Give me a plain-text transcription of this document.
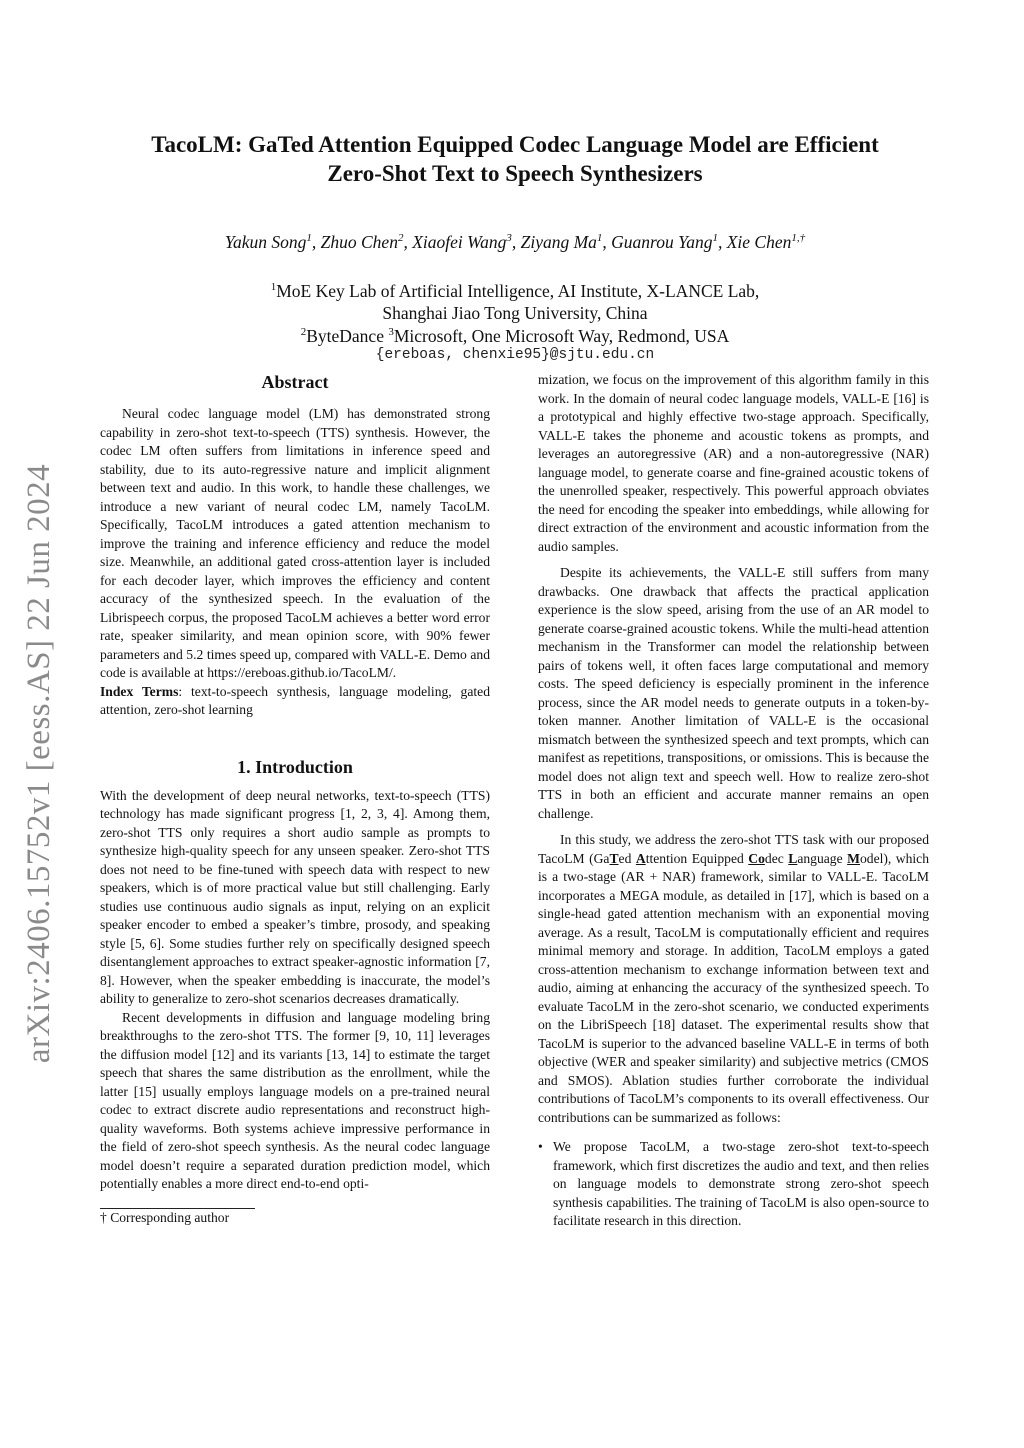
arXiv:2406.15752v1 [eess.AS] 22 Jun 2024
TacoLM: GaTed Attention Equipped Codec Language Model are Efficient
Zero-Shot Text to Speech Synthesizers

Yakun Song$^1$, Zhuo Chen$^2$, Xiaofei Wang$^3$, Ziyang Ma$^1$, Guanrou Yang$^1$, Xie Chen$^{1,\dagger}$

$^1$MoE Key Lab of Artificial Intelligence, AI Institute, X-LANCE Lab,
Shanghai Jiao Tong University, China

$^2$ByteDance $^3$Microsoft, One Microsoft Way, Redmond, USA

{ereboas, chenxie95}@sjtu.edu.cn

Abstract

Neural codec language model (LM) has demonstrated strong capability in zero-shot text-to-speech (TTS) synthesis. However, the codec LM often suffers from limitations in inference speed and stability, due to its auto-regressive nature and implicit alignment between text and audio. In this work, to handle these challenges, we introduce a new variant of neural codec LM, namely TacoLM. Specifically, TacoLM introduces a gated attention mechanism to improve the training and inference efficiency and reduce the model size. Meanwhile, an additional gated cross-attention layer is included for each decoder layer, which improves the efficiency and content accuracy of the synthesized speech. In the evaluation of the Librispeech corpus, the proposed TacoLM achieves a better word error rate, speaker similarity, and mean opinion score, with 90% fewer parameters and 5.2 times speed up, compared with VALL-E. Demo and code is available at https://ereboas.github.io/TacoLM/.

Index Terms: text-to-speech synthesis, language modeling, gated attention, zero-shot learning

1. Introduction

With the development of deep neural networks, text-to-speech (TTS) technology has made significant progress [1, 2, 3, 4]. Among them, zero-shot TTS only requires a short audio sample as prompts to synthesize high-quality speech for any unseen speaker. Zero-shot TTS does not need to be fine-tuned with speech data with respect to new speakers, which is of more practical value but still challenging. Early studies use continuous audio signals as input, relying on an explicit speaker encoder to embed a speaker’s timbre, prosody, and speaking style [5, 6]. Some studies further rely on specifically designed speech disentanglement approaches to extract speaker-agnostic information [7, 8]. However, when the speaker embedding is inaccurate, the model’s ability to generalize to zero-shot scenarios decreases dramatically.

Recent developments in diffusion and language modeling bring breakthroughs to the zero-shot TTS. The former [9, 10, 11] leverages the diffusion model [12] and its variants [13, 14] to estimate the target speech that shares the same distribution as the enrollment, while the latter [15] usually employs language models on a pre-trained neural codec to extract discrete audio representations and reconstruct high-quality waveforms. Both systems achieve impressive performance in the field of zero-shot speech synthesis. As the neural codec language model doesn’t require a separated duration prediction model, which potentially enables a more direct end-to-end opti-

† Corresponding author

mization, we focus on the improvement of this algorithm family in this work. In the domain of neural codec language models, VALL-E [16] is a prototypical and highly effective two-stage approach. Specifically, VALL-E takes the phoneme and acoustic tokens as prompts, and leverages an autoregressive (AR) and a non-autoregressive (NAR) language model, to generate coarse and fine-grained acoustic tokens of the unenrolled speaker, respectively. This powerful approach obviates the need for encoding the speaker into embeddings, while allowing for direct extraction of the environment and acoustic information from the audio samples.

Despite its achievements, the VALL-E still suffers from many drawbacks. One drawback that affects the practical application experience is the slow speed, arising from the use of an AR model to generate coarse-grained acoustic tokens. While the multi-head attention mechanism in the Transformer can model the relationship between pairs of tokens well, it often faces large computational and memory costs. The speed deficiency is especially prominent in the inference process, since the AR model needs to generate outputs in a token-by-token manner. Another limitation of VALL-E is the occasional mismatch between the synthesized speech and text prompts, which can manifest as repetitions, transpositions, or omissions. This is because the model does not align text and speech well. How to realize zero-shot TTS in both an efficient and accurate manner remains an open challenge.

In this study, we address the zero-shot TTS task with our proposed TacoLM (GaTed Attention Equipped Codec Language Model), which is a two-stage (AR + NAR) framework, similar to VALL-E. TacoLM incorporates a MEGA module, as detailed in [17], which is based on a single-head gated attention mechanism with an exponential moving average. As a result, TacoLM is computationally efficient and requires minimal memory and storage. In addition, TacoLM employs a gated cross-attention mechanism to exchange information between text and audio, aiming at enhancing the accuracy of the synthesized speech. To evaluate TacoLM in the zero-shot scenario, we conducted experiments on the LibriSpeech [18] dataset. The experimental results show that TacoLM is superior to the advanced baseline VALL-E in terms of both objective (WER and speaker similarity) and subjective metrics (CMOS and SMOS). Ablation studies further corroborate the individual contributions of TacoLM’s components to its overall effectiveness. Our contributions can be summarized as follows:

• We propose TacoLM, a two-stage zero-shot text-to-speech framework, which first discretizes the audio and text, and then relies on language models to demonstrate strong zero-shot speech synthesis capabilities. The training of TacoLM is also open-source to facilitate research in this direction.
